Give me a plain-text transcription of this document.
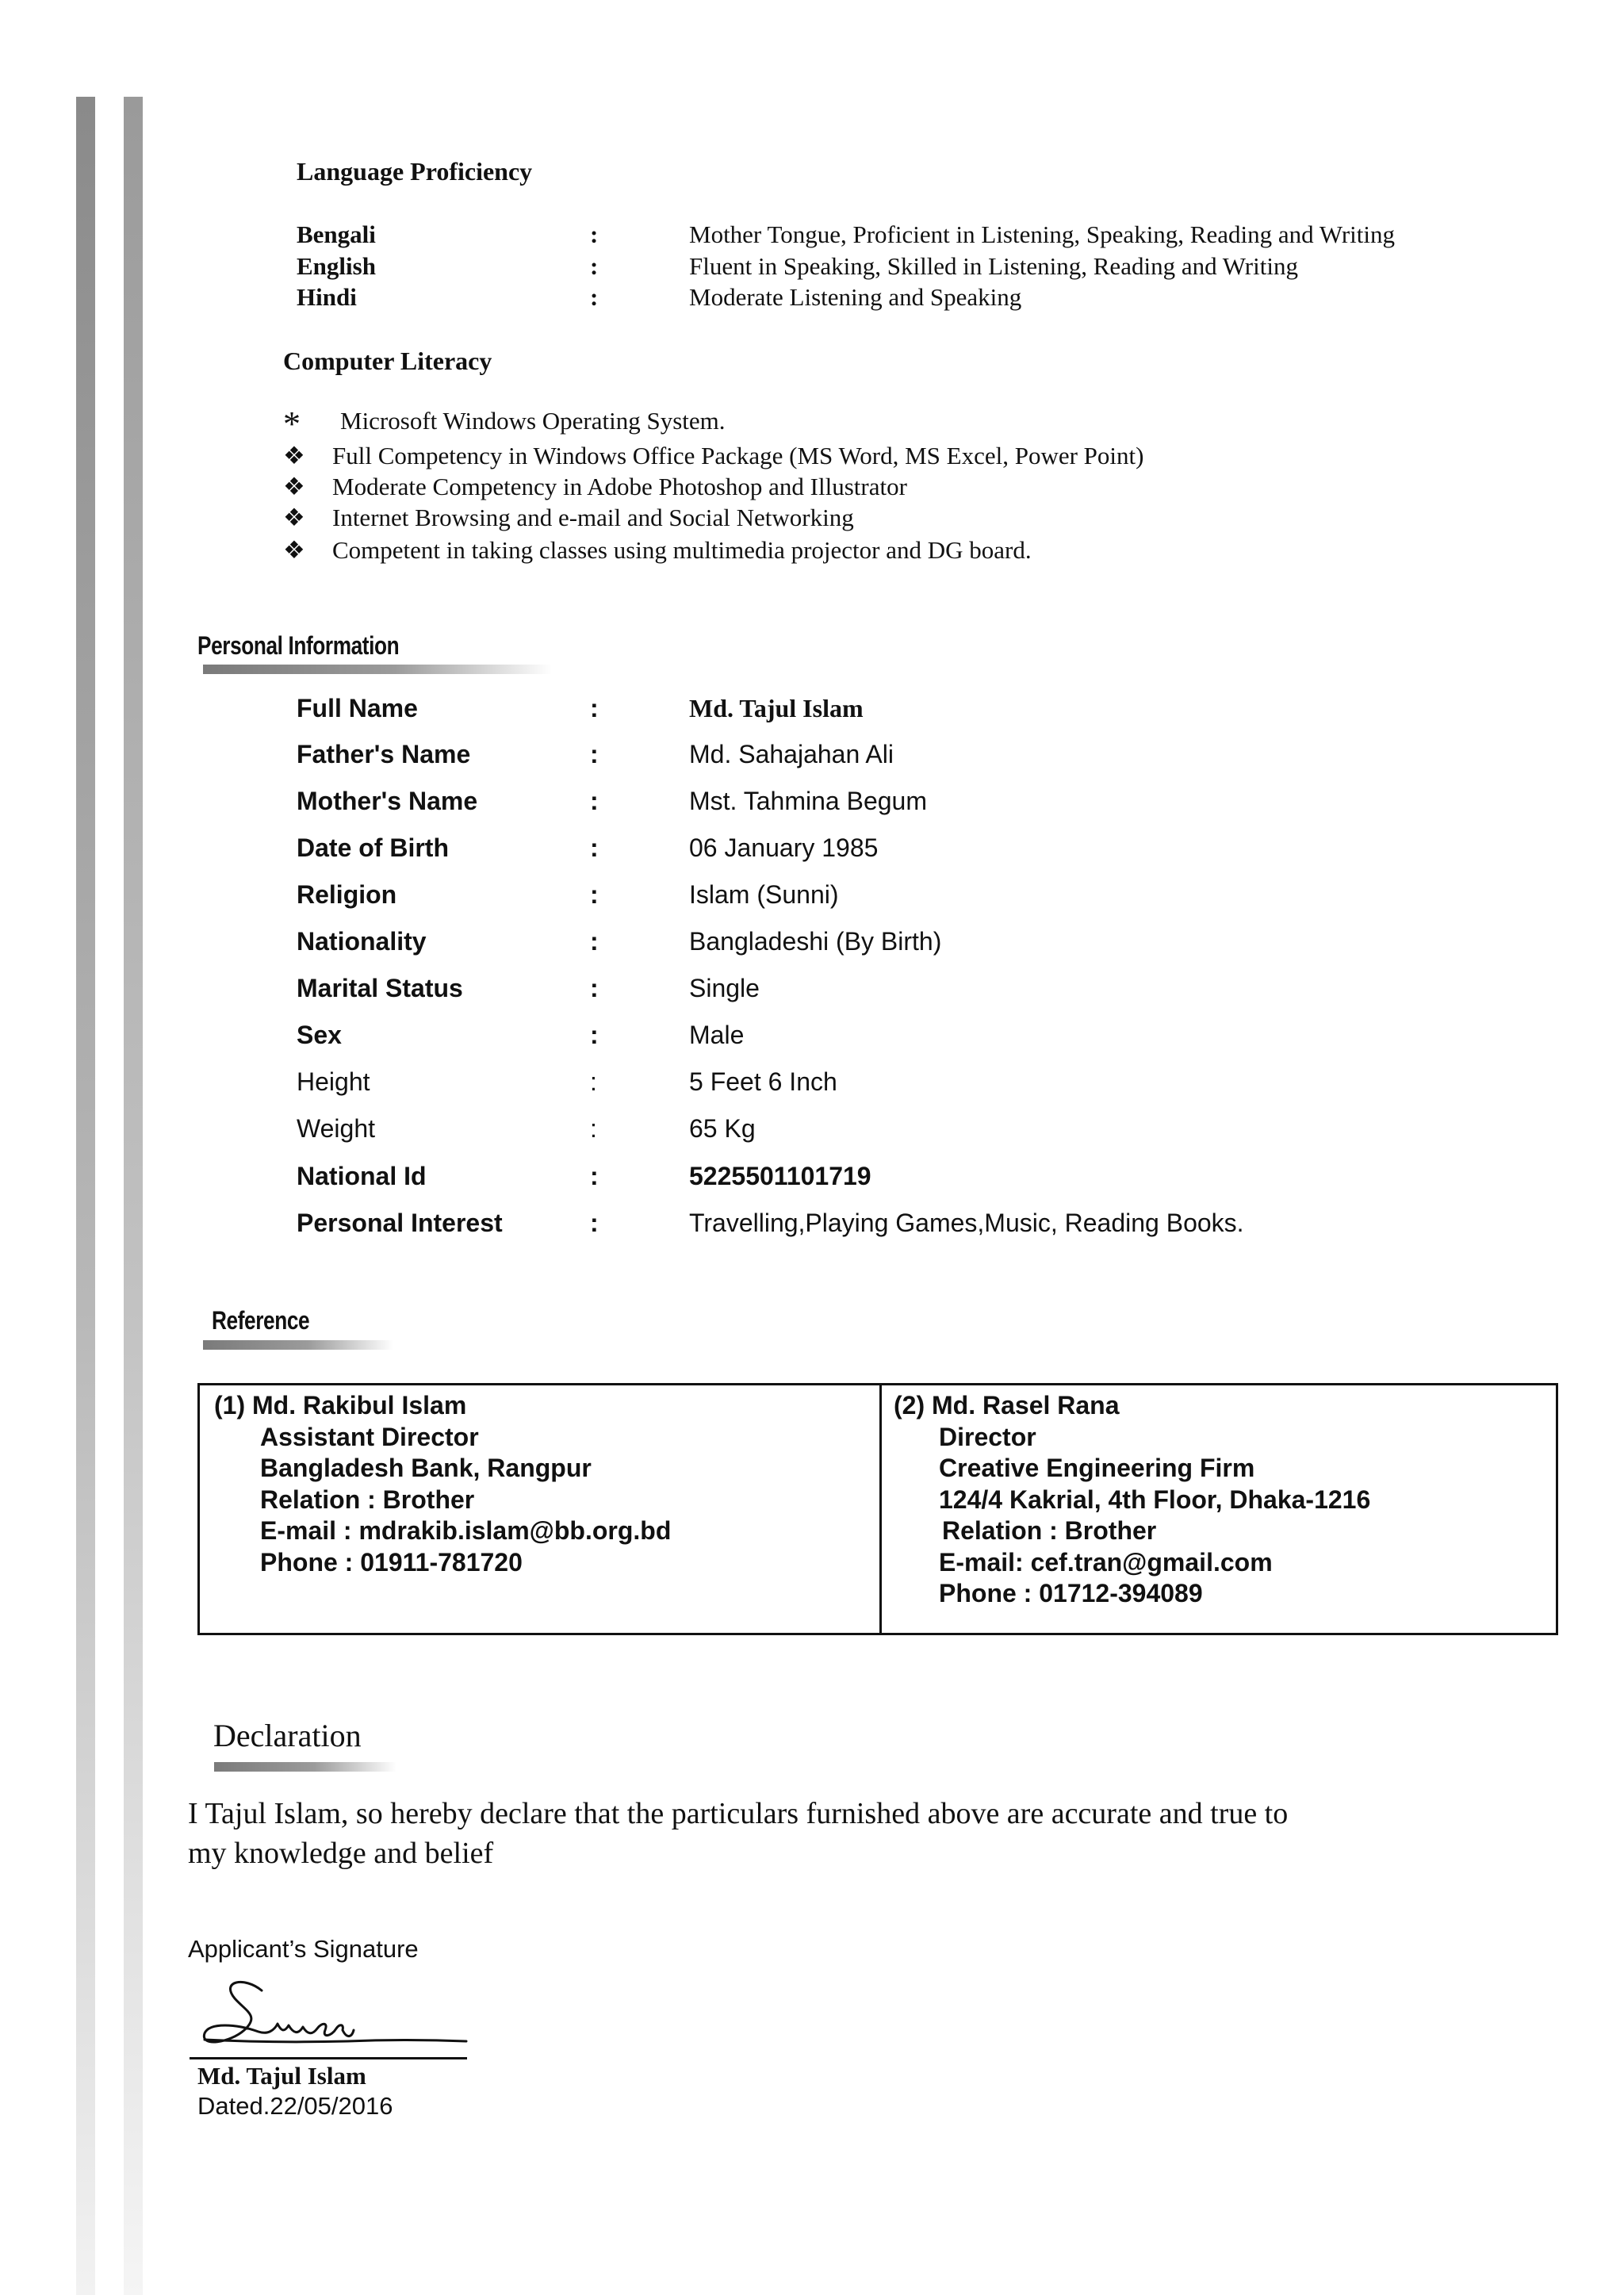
Language Proficiency
Bengali	:	Mother Tongue, Proficient in Listening, Speaking, Reading and Writing
English	:	Fluent in Speaking, Skilled in Listening, Reading and Writing
Hindi	:	Moderate Listening and Speaking
Computer Literacy
* Microsoft Windows Operating System.
❖ Full Competency in Windows Office Package (MS Word, MS Excel, Power Point)
❖ Moderate Competency in Adobe Photoshop and Illustrator
❖ Internet Browsing and e-mail and Social Networking
❖ Competent in taking classes using multimedia projector and DG board.
Personal Information
Full Name	:	Md. Tajul Islam
Father's Name	:	Md. Sahajahan Ali
Mother's Name	:	Mst. Tahmina Begum
Date of Birth	:	06 January 1985
Religion	:	Islam (Sunni)
Nationality	:	Bangladeshi (By Birth)
Marital Status	:	Single
Sex	:	Male
Height	:	5 Feet 6 Inch
Weight	:	65 Kg
National Id	:	5225501101719
Personal Interest	:	Travelling,Playing Games,Music, Reading Books.
Reference
(1) Md. Rakibul Islam
Assistant Director
Bangladesh Bank, Rangpur
Relation : Brother
E-mail : mdrakib.islam@bb.org.bd
Phone : 01911-781720
(2) Md. Rasel Rana
Director
Creative Engineering Firm
124/4 Kakrial, 4th Floor, Dhaka-1216
Relation : Brother
E-mail: cef.tran@gmail.com
Phone : 01712-394089
Declaration
I Tajul Islam, so hereby declare that the particulars furnished above are accurate and true to
my knowledge and belief
Applicant’s Signature
Md. Tajul Islam
Dated.22/05/2016
